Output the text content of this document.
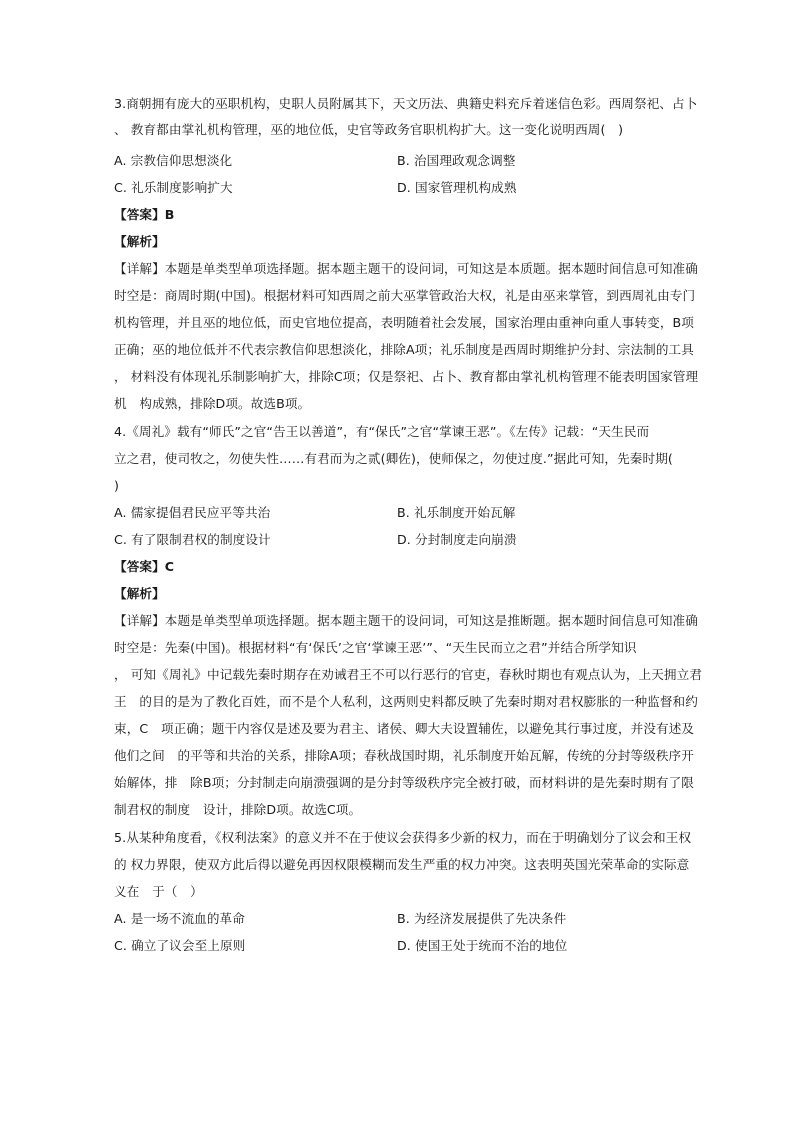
3.商朝拥有庞大的巫职机构，史职人员附属其下，天文历法、典籍史料充斥着迷信色彩。西周祭祀、占卜
、 教育都由掌礼机构管理，巫的地位低，史官等政务官职机构扩大。这一变化说明西周(　)
A. 宗教信仰思想淡化	B. 治国理政观念调整
C. 礼乐制度影响扩大	D. 国家管理机构成熟
【答案】B
【解析】
【详解】本题是单类型单项选择题。据本题主题干的设问词，可知这是本质题。据本题时间信息可知准确
时空是：商周时期(中国)。根据材料可知西周之前大巫掌管政治大权，礼是由巫来掌管，到西周礼由专门
机构管理，并且巫的地位低，而史官地位提高，表明随着社会发展，国家治理由重神向重人事转变，B项
正确；巫的地位低并不代表宗教信仰思想淡化，排除A项；礼乐制度是西周时期维护分封、宗法制的工具
， 材料没有体现礼乐制影响扩大，排除C项；仅是祭祀、占卜、教育都由掌礼机构管理不能表明国家管理
机　构成熟，排除D项。故选B项。
4.《周礼》载有“师氏”之官“告王以善道”，有“保氏”之官“掌谏王恶”。《左传》记载：“天生民而
立之君，使司牧之，勿使失性……有君而为之贰(卿佐)，使师保之，勿使过度.”据此可知，先秦时期(
)
A. 儒家提倡君民应平等共治	B. 礼乐制度开始瓦解
C. 有了限制君权的制度设计	D. 分封制度走向崩溃
【答案】C
【解析】
【详解】本题是单类型单项选择题。据本题主题干的设问词，可知这是推断题。据本题时间信息可知准确
时空是：先秦(中国)。根据材料“有‘保氏’之官‘掌谏王恶’”、“天生民而立之君”并结合所学知识
， 可知《周礼》中记载先秦时期存在劝诫君王不可以行恶行的官吏，春秋时期也有观点认为，上天拥立君
王　的目的是为了教化百姓，而不是个人私利，这两则史料都反映了先秦时期对君权膨胀的一种监督和约
束，C　项正确；题干内容仅是述及要为君主、诸侯、卿大夫设置辅佐，以避免其行事过度，并没有述及
他们之间　的平等和共治的关系，排除A项；春秋战国时期，礼乐制度开始瓦解，传统的分封等级秩序开
始解体，排　除B项；分封制走向崩溃强调的是分封等级秩序完全被打破，而材料讲的是先秦时期有了限
制君权的制度　设计，排除D项。故选C项。
5.从某种角度看，《权利法案》的意义并不在于使议会获得多少新的权力，而在于明确划分了议会和王权
的 权力界限，使双方此后得以避免再因权限模糊而发生严重的权力冲突。这表明英国光荣革命的实际意
义在　于（　）
A. 是一场不流血的革命	B. 为经济发展提供了先决条件
C. 确立了议会至上原则	D. 使国王处于统而不治的地位
